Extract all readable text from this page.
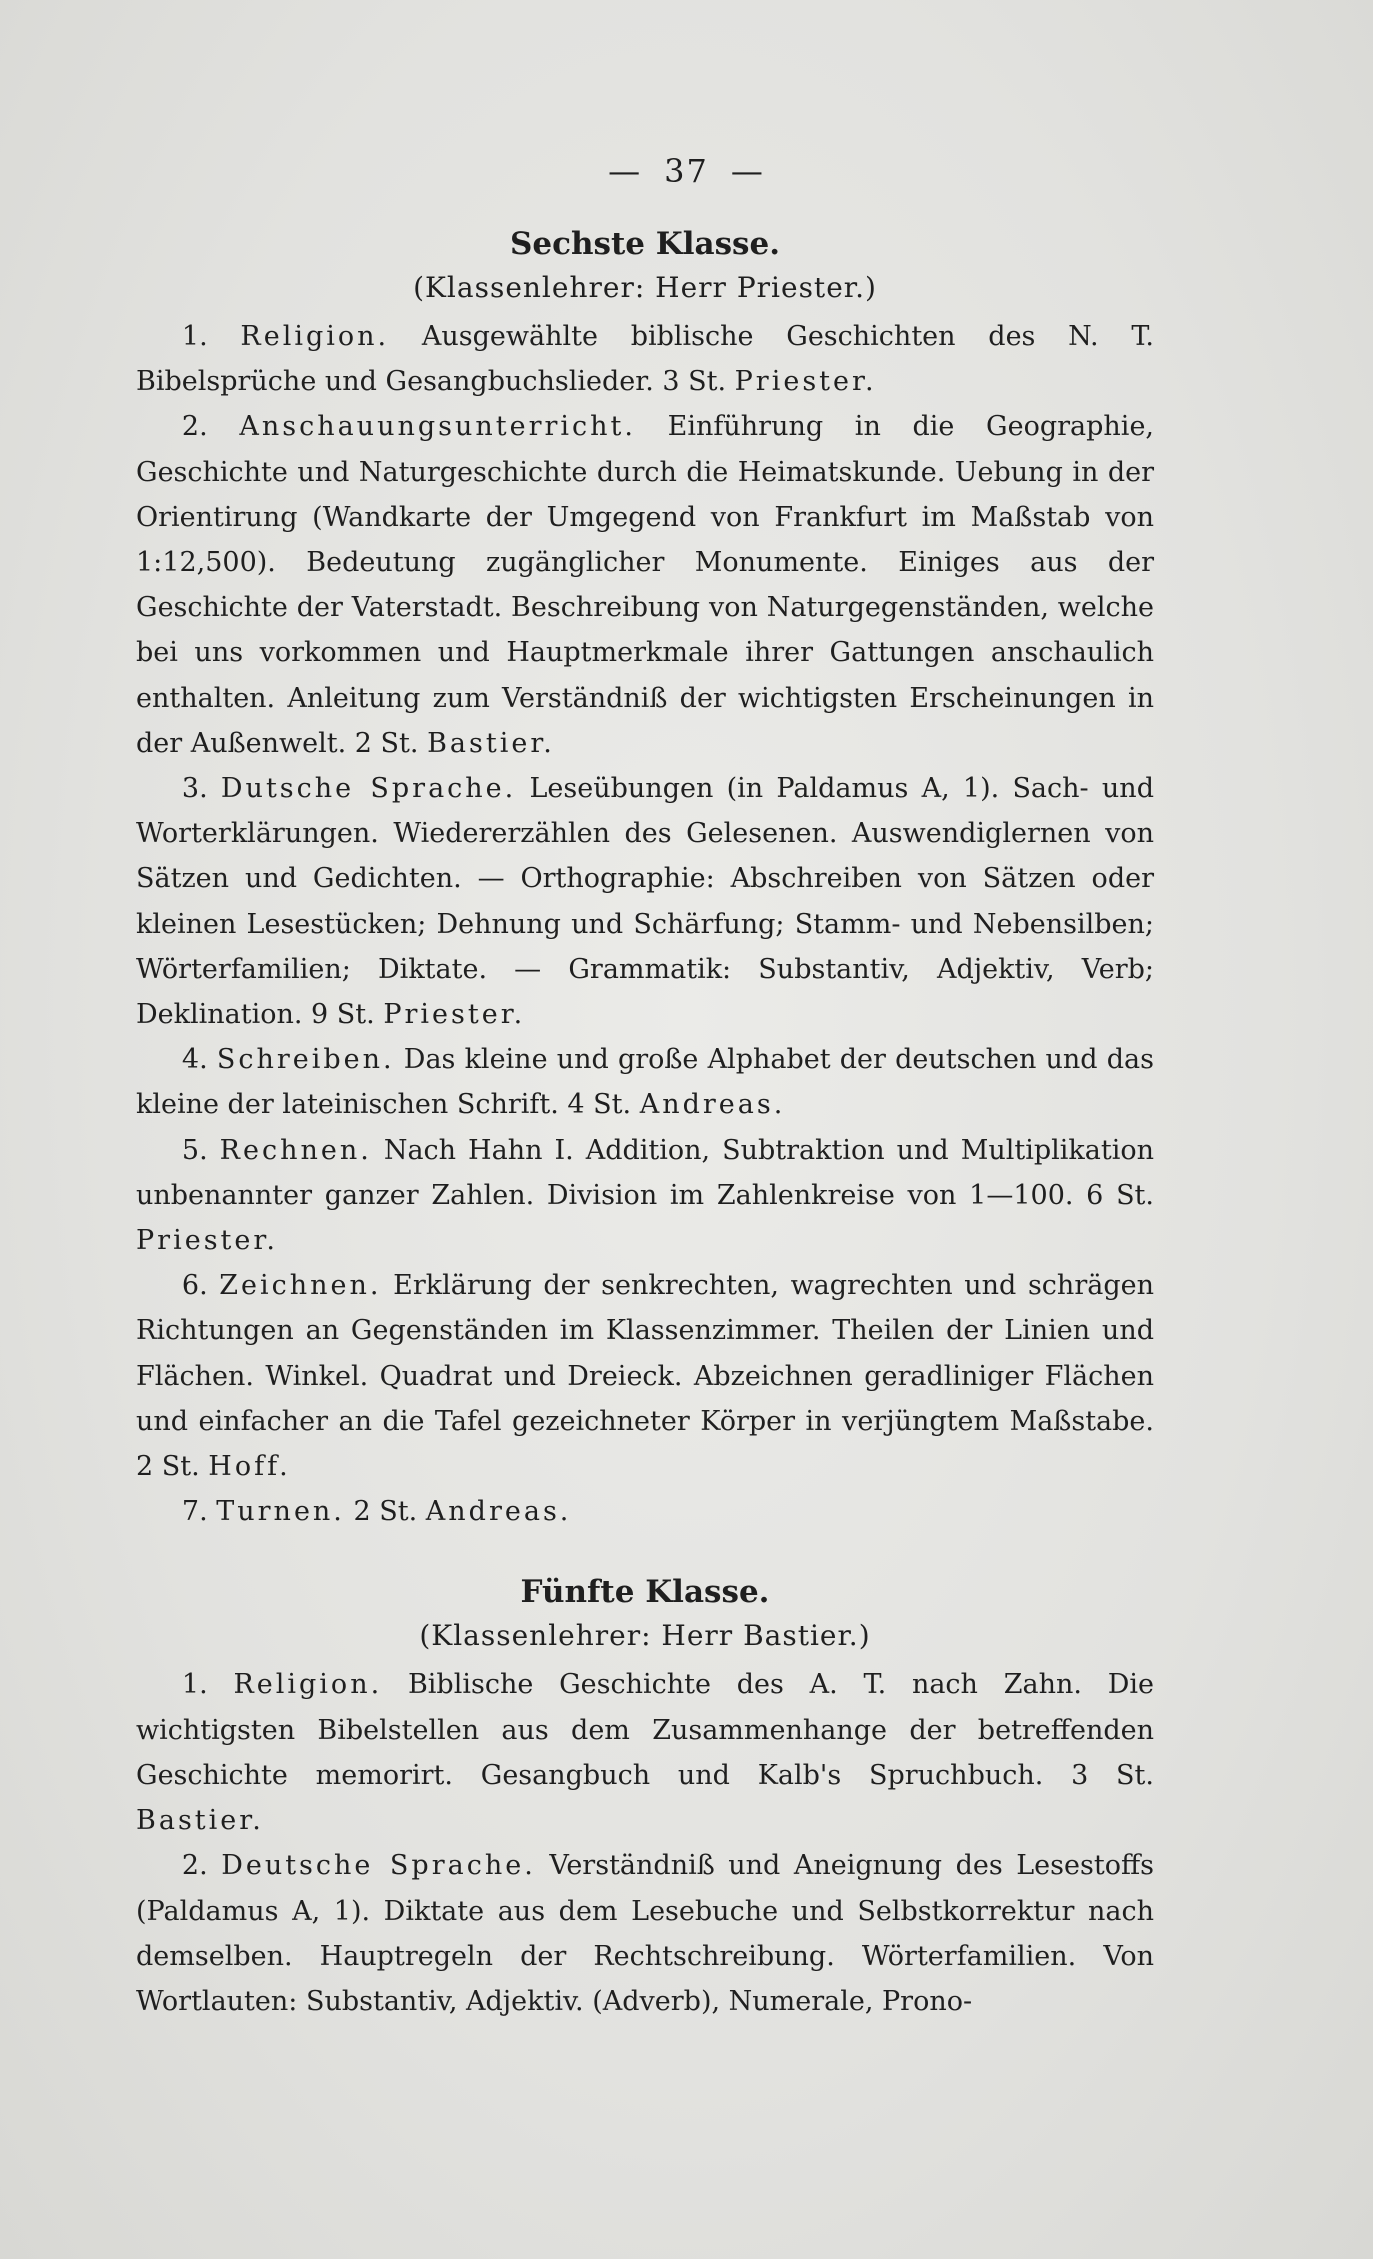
— 37 —
Sechste Klasse.
(Klassenlehrer: Herr Priester.)
1. Religion. Ausgewählte biblische Geschichten des N. T. Bibelsprüche und Gesangbuchslieder. 3 St. Priester.
2. Anschauungsunterricht. Einführung in die Geographie, Geschichte und Naturgeschichte durch die Heimatskunde. Uebung in der Orientirung (Wandkarte der Umgegend von Frankfurt im Maßstab von 1:12,500). Bedeutung zugänglicher Monumente. Einiges aus der Geschichte der Vaterstadt. Beschreibung von Naturgegenständen, welche bei uns vorkommen und Hauptmerkmale ihrer Gattungen anschaulich enthalten. Anleitung zum Verständniß der wichtigsten Erscheinungen in der Außenwelt. 2 St. Bastier.
3. Dutsche Sprache. Leseübungen (in Paldamus A, 1). Sach- und Worterklärungen. Wiedererzählen des Gelesenen. Auswendiglernen von Sätzen und Gedichten. — Orthographie: Abschreiben von Sätzen oder kleinen Lesestücken; Dehnung und Schärfung; Stamm- und Nebensilben; Wörterfamilien; Diktate. — Grammatik: Substantiv, Adjektiv, Verb; Deklination. 9 St. Priester.
4. Schreiben. Das kleine und große Alphabet der deutschen und das kleine der lateinischen Schrift. 4 St. Andreas.
5. Rechnen. Nach Hahn I. Addition, Subtraktion und Multiplikation unbenannter ganzer Zahlen. Division im Zahlenkreise von 1—100. 6 St. Priester.
6. Zeichnen. Erklärung der senkrechten, wagrechten und schrägen Richtungen an Gegenständen im Klassenzimmer. Theilen der Linien und Flächen. Winkel. Quadrat und Dreieck. Abzeichnen geradliniger Flächen und einfacher an die Tafel gezeichneter Körper in verjüngtem Maßstabe. 2 St. Hoff.
7. Turnen. 2 St. Andreas.
Fünfte Klasse.
(Klassenlehrer: Herr Bastier.)
1. Religion. Biblische Geschichte des A. T. nach Zahn. Die wichtigsten Bibelstellen aus dem Zusammenhange der betreffenden Geschichte memorirt. Gesangbuch und Kalb's Spruchbuch. 3 St. Bastier.
2. Deutsche Sprache. Verständniß und Aneignung des Lesestoffs (Paldamus A, 1). Diktate aus dem Lesebuche und Selbstkorrektur nach demselben. Hauptregeln der Rechtschreibung. Wörterfamilien. Von Wortlauten: Substantiv, Adjektiv. (Adverb), Numerale, Prono-
